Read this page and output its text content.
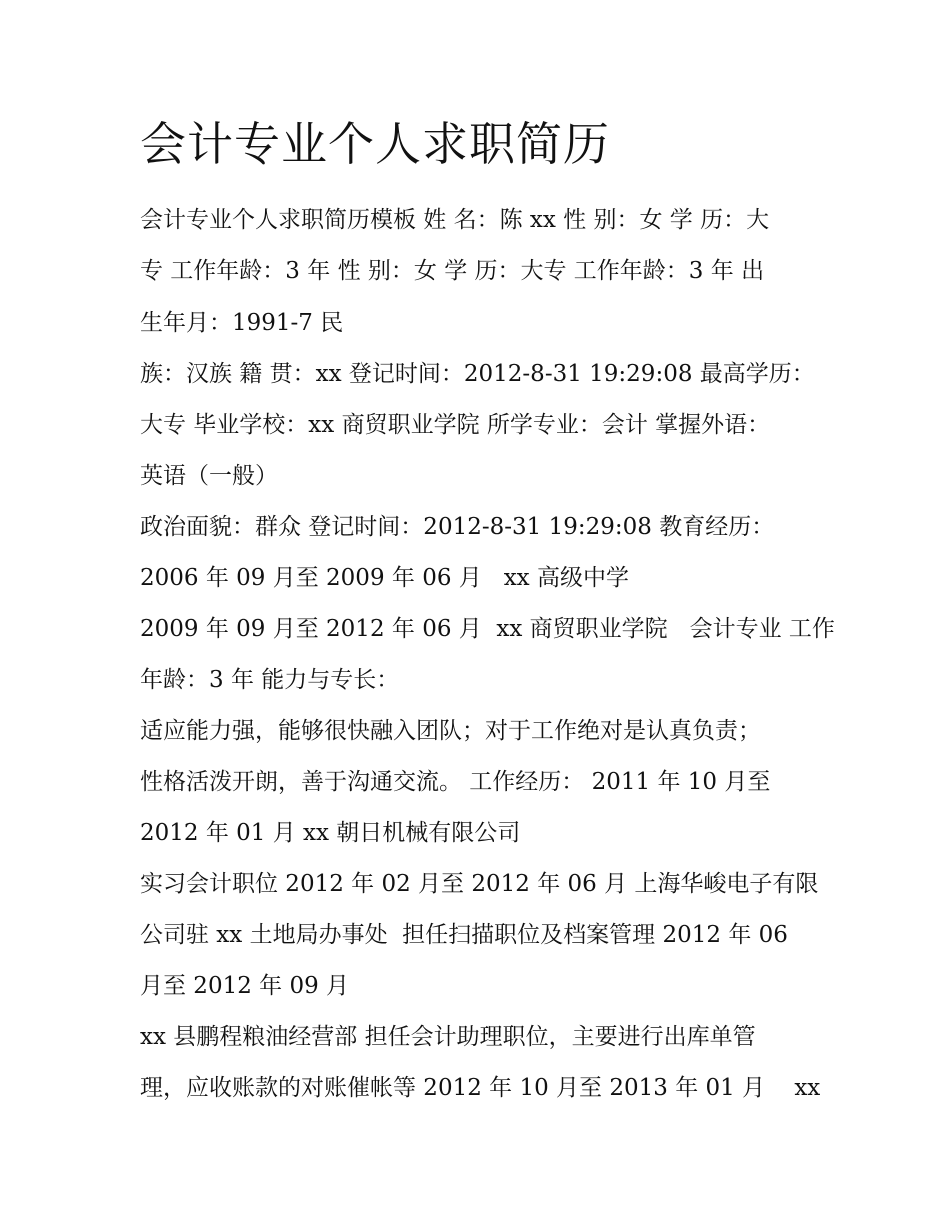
会计专业个人求职简历

会计专业个人求职简历模板 姓 名：陈 xx 性 别：女 学 历：大

专 工作年龄：3 年 性 别：女 学 历：大专 工作年龄：3 年 出

生年月：1991-7 民

族：汉族 籍 贯：xx 登记时间：2012-8-31 19:29:08 最高学历：

大专 毕业学校：xx 商贸职业学院 所学专业：会计 掌握外语：

英语（一般）

政治面貌：群众 登记时间：2012-8-31 19:29:08 教育经历：

2006 年 09 月至 2009 年 06 月   xx 高级中学

2009 年 09 月至 2012 年 06 月  xx 商贸职业学院   会计专业 工作

年龄：3 年 能力与专长：

适应能力强，能够很快融入团队；对于工作绝对是认真负责；

性格活泼开朗，善于沟通交流。 工作经历： 2011 年 10 月至

2012 年 01 月 xx 朝日机械有限公司

实习会计职位 2012 年 02 月至 2012 年 06 月 上海华峻电子有限

公司驻 xx 土地局办事处  担任扫描职位及档案管理 2012 年 06

月至 2012 年 09 月

xx 县鹏程粮油经营部 担任会计助理职位，主要进行出库单管

理，应收账款的对账催帐等 2012 年 10 月至 2013 年 01 月    xx
